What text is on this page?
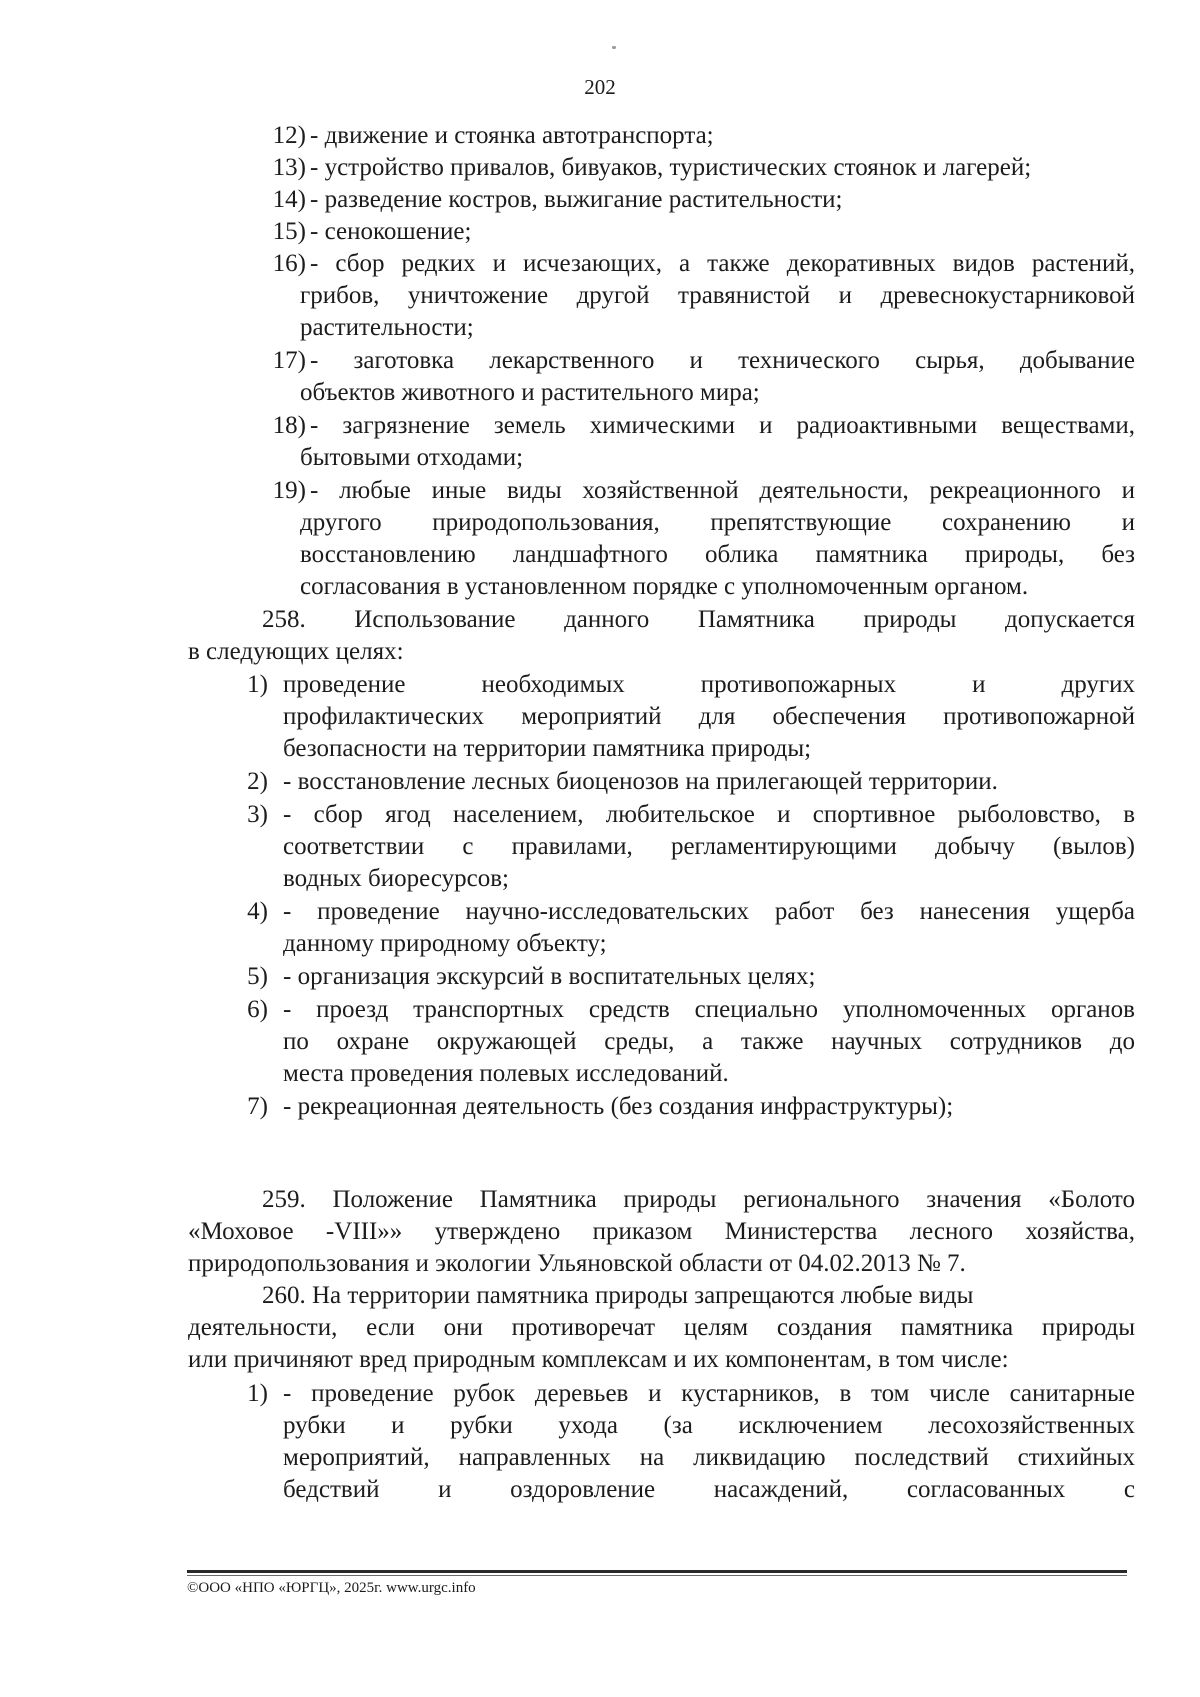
202
12) - движение и стоянка автотранспорта;
13) - устройство привалов, бивуаков, туристических стоянок и лагерей;
14) - разведение костров, выжигание растительности;
15) - сенокошение;
16) - сбор редких и исчезающих, а также декоративных видов растений,
грибов, уничтожение другой травянистой и древеснокустарниковой
растительности;
17) - заготовка лекарственного и технического сырья, добывание
объектов животного и растительного мира;
18) - загрязнение земель химическими и радиоактивными веществами,
бытовыми отходами;
19) - любые иные виды хозяйственной деятельности, рекреационного и
другого природопользования, препятствующие сохранению и
восстановлению ландшафтного облика памятника природы, без
согласования в установленном порядке с уполномоченным органом.
258. Использование данного Памятника природы допускается
в следующих целях:
1) проведение необходимых противопожарных и других
профилактических мероприятий для обеспечения противопожарной
безопасности на территории памятника природы;
2) - восстановление лесных биоценозов на прилегающей территории.
3) - сбор ягод населением, любительское и спортивное рыболовство, в
соответствии с правилами, регламентирующими добычу (вылов)
водных биоресурсов;
4) - проведение научно-исследовательских работ без нанесения ущерба
данному природному объекту;
5) - организация экскурсий в воспитательных целях;
6) - проезд транспортных средств специально уполномоченных органов
по охране окружающей среды, а также научных сотрудников до
места проведения полевых исследований.
7) - рекреационная деятельность (без создания инфраструктуры);
259. Положение Памятника природы регионального значения «Болото
«Моховое -VIII»» утверждено приказом Министерства лесного хозяйства,
природопользования и экологии Ульяновской области от 04.02.2013 № 7.
260. На территории памятника природы запрещаются любые виды
деятельности, если они противоречат целям создания памятника природы
или причиняют вред природным комплексам и их компонентам, в том числе:
1) - проведение рубок деревьев и кустарников, в том числе санитарные
рубки и рубки ухода (за исключением лесохозяйственных
мероприятий, направленных на ликвидацию последствий стихийных
бедствий и оздоровление насаждений, согласованных с
©ООО «НПО «ЮРГЦ», 2025г. www.urgc.info
